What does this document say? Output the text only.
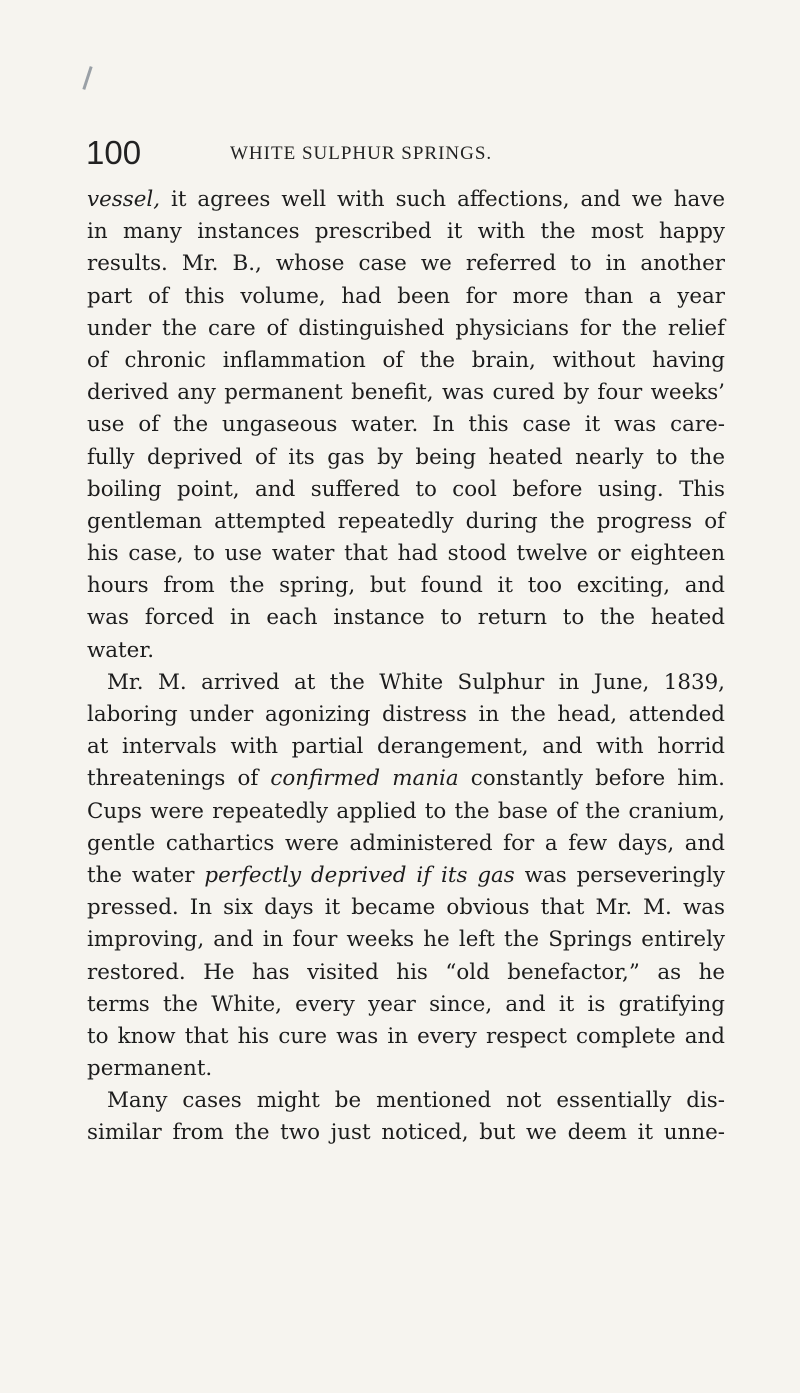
100	WHITE SULPHUR SPRINGS.
vessel, it agrees well with such affections, and we have
in many instances prescribed it with the most happy
results. Mr. B., whose case we referred to in another
part of this volume, had been for more than a year
under the care of distinguished physicians for the relief
of chronic inflammation of the brain, without having
derived any permanent benefit, was cured by four weeks’
use of the ungaseous water. In this case it was care-
fully deprived of its gas by being heated nearly to the
boiling point, and suffered to cool before using. This
gentleman attempted repeatedly during the progress of
his case, to use water that had stood twelve or eighteen
hours from the spring, but found it too exciting, and
was forced in each instance to return to the heated
water.
Mr. M. arrived at the White Sulphur in June, 1839,
laboring under agonizing distress in the head, attended
at intervals with partial derangement, and with horrid
threatenings of confirmed mania constantly before him.
Cups were repeatedly applied to the base of the cranium,
gentle cathartics were administered for a few days, and
the water perfectly deprived if its gas was perseveringly
pressed. In six days it became obvious that Mr. M. was
improving, and in four weeks he left the Springs entirely
restored. He has visited his “old benefactor,” as he
terms the White, every year since, and it is gratifying
to know that his cure was in every respect complete and
permanent.
Many cases might be mentioned not essentially dis-
similar from the two just noticed, but we deem it unne-
